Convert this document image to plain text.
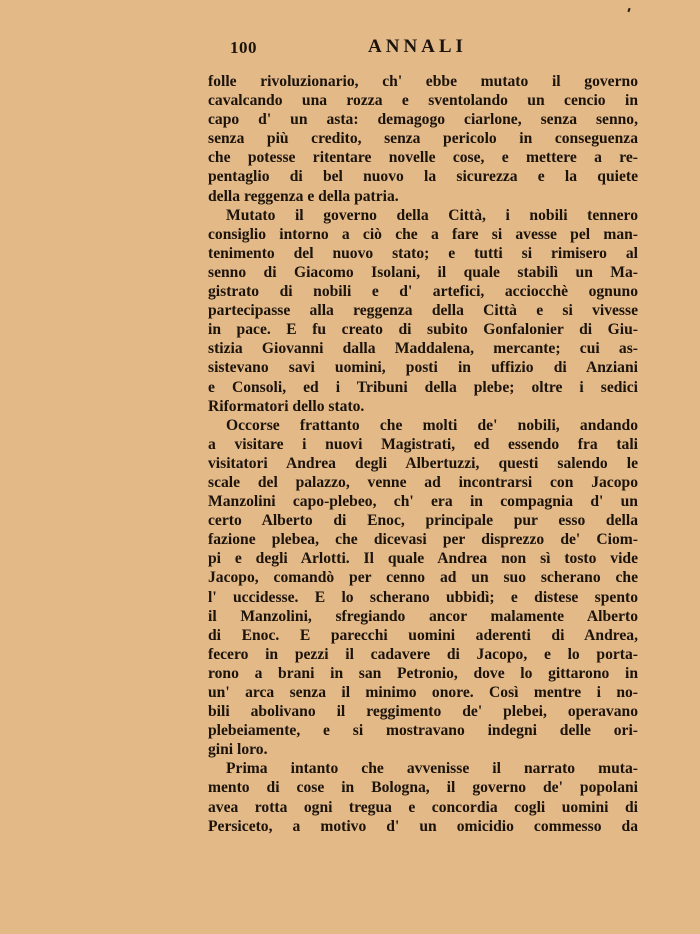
100	ANNALI
folle rivoluzionario, ch' ebbe mutato il governo
cavalcando una rozza e sventolando un cencio in
capo d' un asta: demagogo ciarlone, senza senno,
senza più credito, senza pericolo in conseguenza
che potesse ritentare novelle cose, e mettere a re-
pentaglio di bel nuovo la sicurezza e la quiete
della reggenza e della patria.
Mutato il governo della Città, i nobili tennero
consiglio intorno a ciò che a fare si avesse pel man-
tenimento del nuovo stato; e tutti si rimisero al
senno di Giacomo Isolani, il quale stabilì un Ma-
gistrato di nobili e d' artefici, acciocchè ognuno
partecipasse alla reggenza della Città e si vivesse
in pace. E fu creato di subito Gonfalonier di Giu-
stizia Giovanni dalla Maddalena, mercante; cui as-
sistevano savi uomini, posti in uffizio di Anziani
e Consoli, ed i Tribuni della plebe; oltre i sedici
Riformatori dello stato.
Occorse frattanto che molti de' nobili, andando
a visitare i nuovi Magistrati, ed essendo fra tali
visitatori Andrea degli Albertuzzi, questi salendo le
scale del palazzo, venne ad incontrarsi con Jacopo
Manzolini capo-plebeo, ch' era in compagnia d' un
certo Alberto di Enoc, principale pur esso della
fazione plebea, che dicevasi per disprezzo de' Ciom-
pi e degli Arlotti. Il quale Andrea non sì tosto vide
Jacopo, comandò per cenno ad un suo scherano che
l' uccidesse. E lo scherano ubbidì; e distese spento
il Manzolini, sfregiando ancor malamente Alberto
di Enoc. E parecchi uomini aderenti di Andrea,
fecero in pezzi il cadavere di Jacopo, e lo porta-
rono a brani in san Petronio, dove lo gittarono in
un' arca senza il minimo onore. Così mentre i no-
bili abolivano il reggimento de' plebei, operavano
plebeiamente, e si mostravano indegni delle ori-
gini loro.
Prima intanto che avvenisse il narrato muta-
mento di cose in Bologna, il governo de' popolani
avea rotta ogni tregua e concordia cogli uomini di
Persiceto, a motivo d' un omicidio commesso da
